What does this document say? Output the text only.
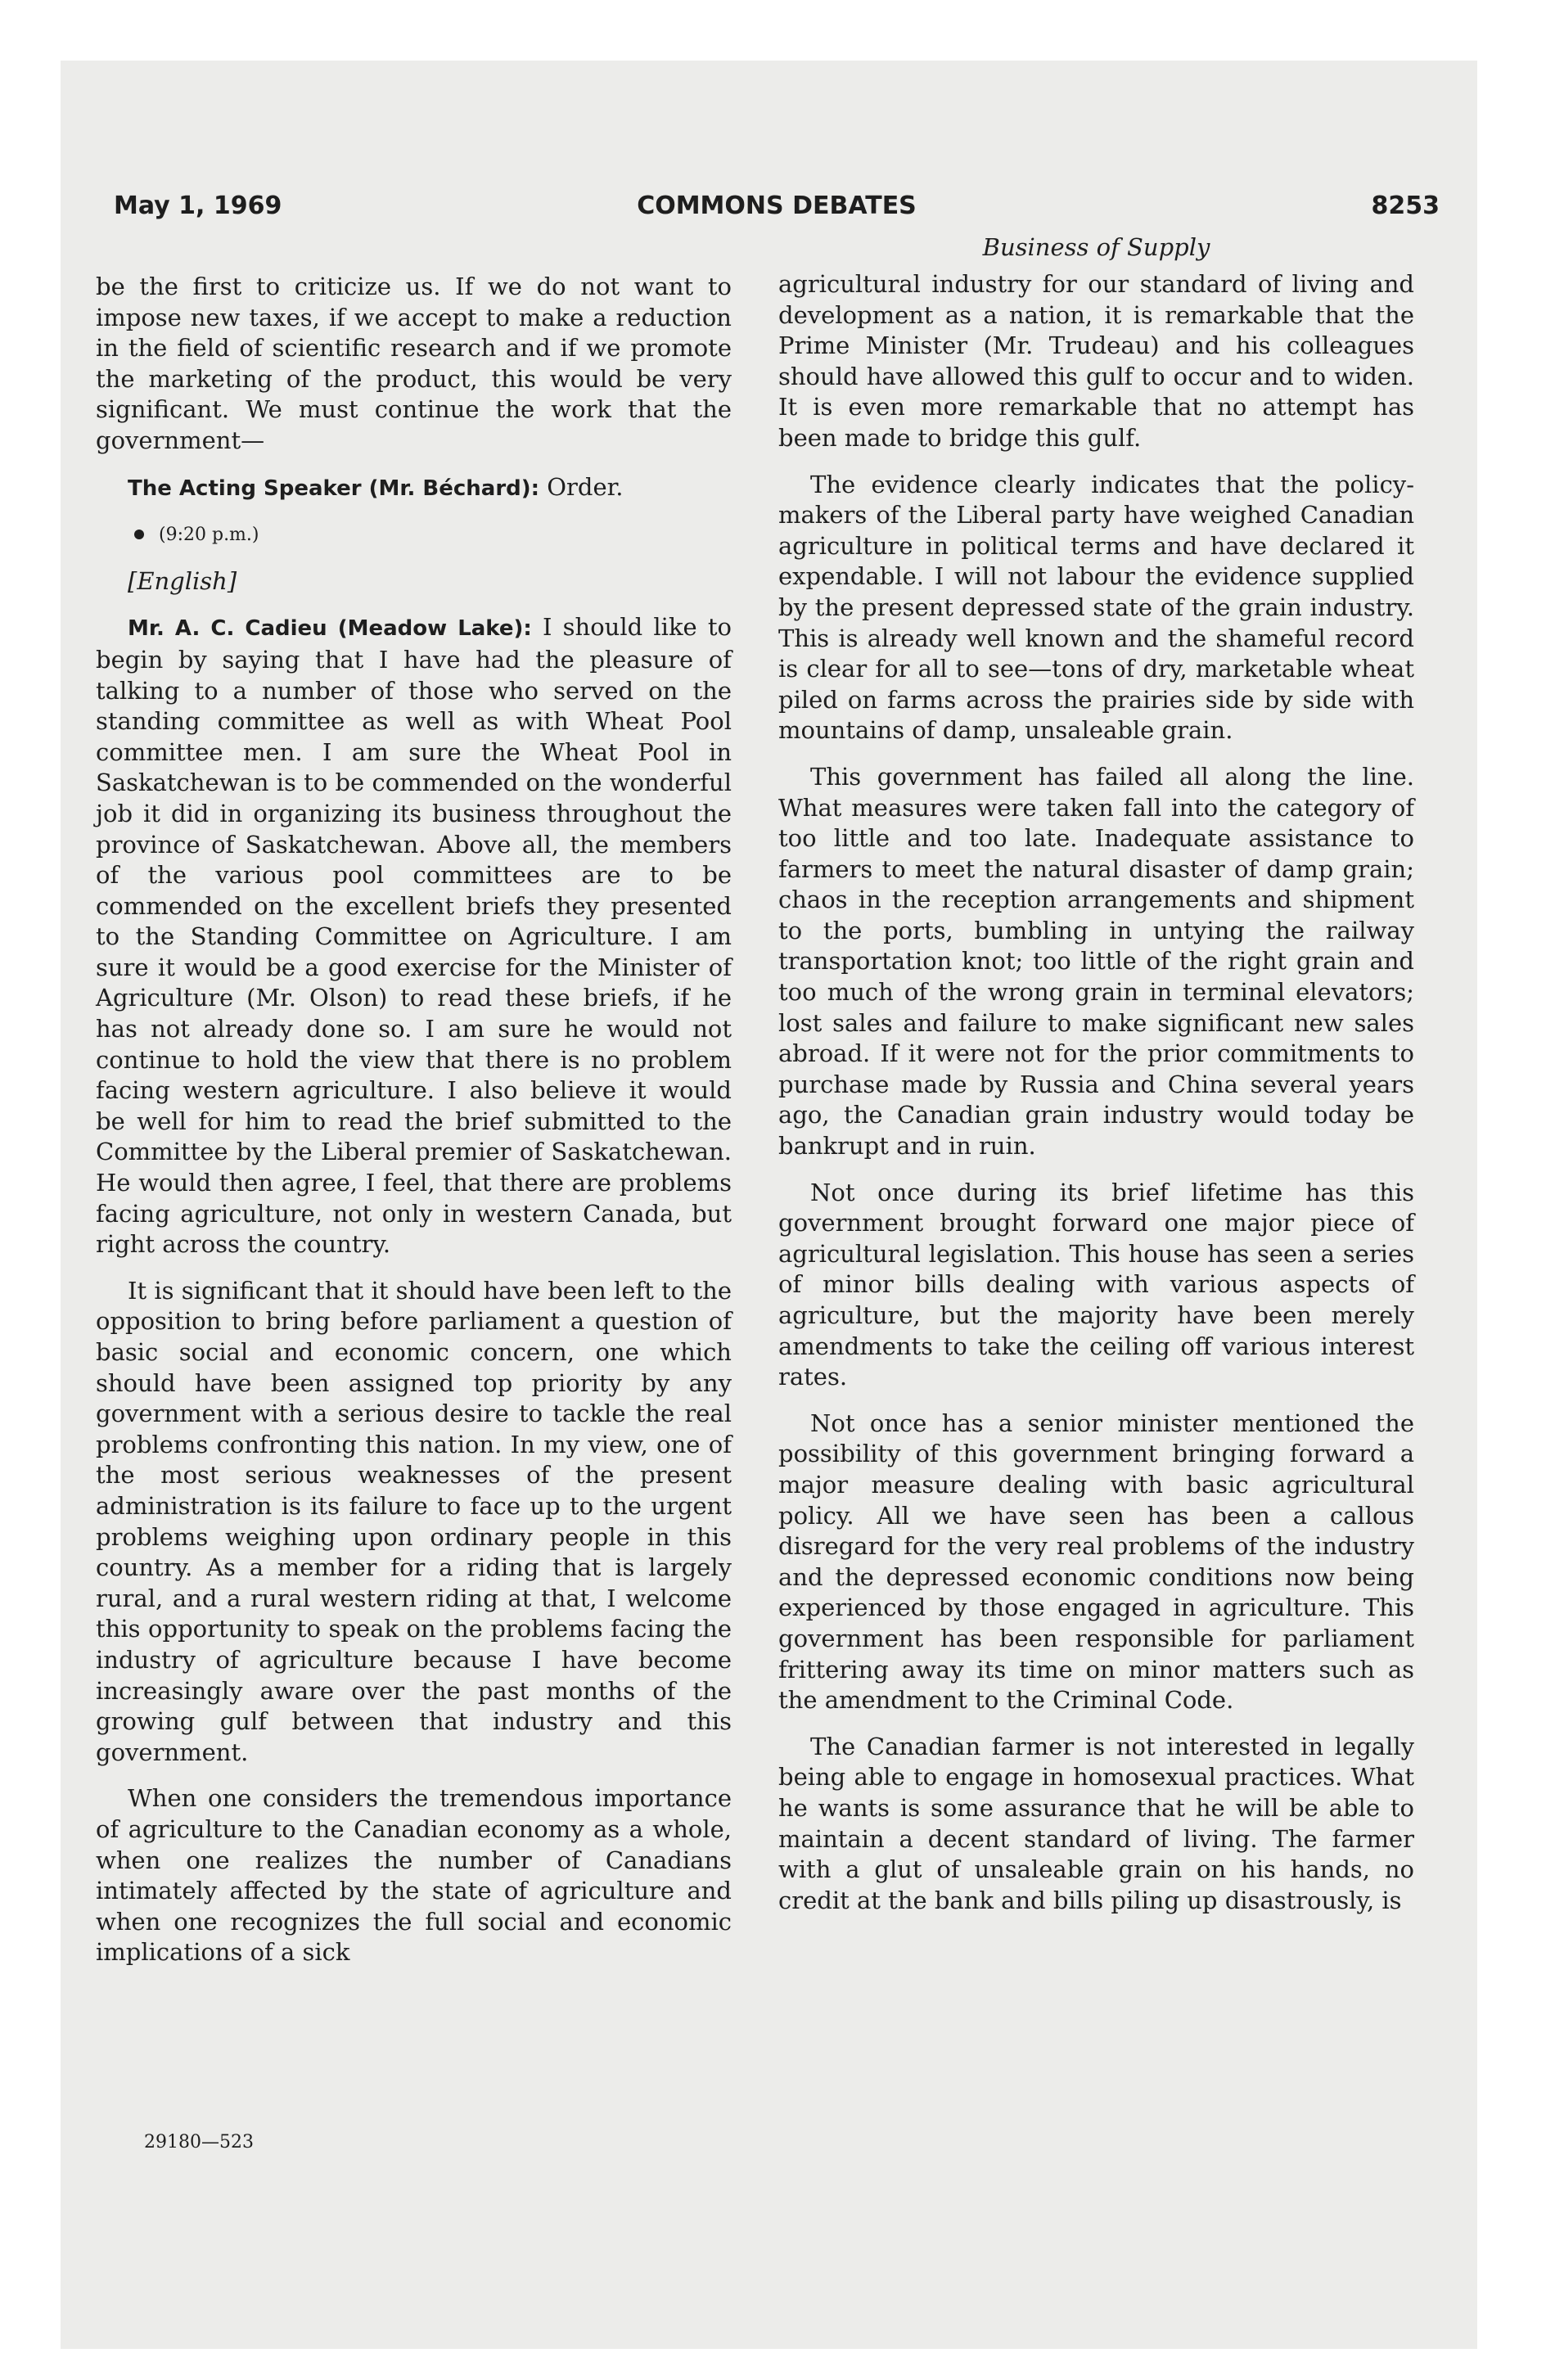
May 1, 1969	COMMONS DEBATES	8253

be the first to criticize us. If we do not want to impose new taxes, if we accept to make a reduction in the field of scientific research and if we promote the marketing of the product, this would be very significant. We must continue the work that the government—

The Acting Speaker (Mr. Béchard): Order.

(9:20 p.m.)

[English]

Mr. A. C. Cadieu (Meadow Lake): I should like to begin by saying that I have had the pleasure of talking to a number of those who served on the standing committee as well as with Wheat Pool committee men. I am sure the Wheat Pool in Saskatchewan is to be commended on the wonderful job it did in organizing its business throughout the province of Saskatchewan. Above all, the members of the various pool committees are to be commended on the excellent briefs they presented to the Standing Committee on Agriculture. I am sure it would be a good exercise for the Minister of Agriculture (Mr. Olson) to read these briefs, if he has not already done so. I am sure he would not continue to hold the view that there is no problem facing western agriculture. I also believe it would be well for him to read the brief submitted to the Committee by the Liberal premier of Saskatchewan. He would then agree, I feel, that there are problems facing agriculture, not only in western Canada, but right across the country.

It is significant that it should have been left to the opposition to bring before parliament a question of basic social and economic concern, one which should have been assigned top priority by any government with a serious desire to tackle the real problems confronting this nation. In my view, one of the most serious weaknesses of the present administration is its failure to face up to the urgent problems weighing upon ordinary people in this country. As a member for a riding that is largely rural, and a rural western riding at that, I welcome this opportunity to speak on the problems facing the industry of agriculture because I have become increasingly aware over the past months of the growing gulf between that industry and this government.

When one considers the tremendous importance of agriculture to the Canadian economy as a whole, when one realizes the number of Canadians intimately affected by the state of agriculture and when one recognizes the full social and economic implications of a sick

Business of Supply

agricultural industry for our standard of living and development as a nation, it is remarkable that the Prime Minister (Mr. Trudeau) and his colleagues should have allowed this gulf to occur and to widen. It is even more remarkable that no attempt has been made to bridge this gulf.

The evidence clearly indicates that the policy-makers of the Liberal party have weighed Canadian agriculture in political terms and have declared it expendable. I will not labour the evidence supplied by the present depressed state of the grain industry. This is already well known and the shameful record is clear for all to see—tons of dry, marketable wheat piled on farms across the prairies side by side with mountains of damp, unsaleable grain.

This government has failed all along the line. What measures were taken fall into the category of too little and too late. Inadequate assistance to farmers to meet the natural disaster of damp grain; chaos in the reception arrangements and shipment to the ports, bumbling in untying the railway transportation knot; too little of the right grain and too much of the wrong grain in terminal elevators; lost sales and failure to make significant new sales abroad. If it were not for the prior commitments to purchase made by Russia and China several years ago, the Canadian grain industry would today be bankrupt and in ruin.

Not once during its brief lifetime has this government brought forward one major piece of agricultural legislation. This house has seen a series of minor bills dealing with various aspects of agriculture, but the majority have been merely amendments to take the ceiling off various interest rates.

Not once has a senior minister mentioned the possibility of this government bringing forward a major measure dealing with basic agricultural policy. All we have seen has been a callous disregard for the very real problems of the industry and the depressed economic conditions now being experienced by those engaged in agriculture. This government has been responsible for parliament frittering away its time on minor matters such as the amendment to the Criminal Code.

The Canadian farmer is not interested in legally being able to engage in homosexual practices. What he wants is some assurance that he will be able to maintain a decent standard of living. The farmer with a glut of unsaleable grain on his hands, no credit at the bank and bills piling up disastrously, is

29180—523
